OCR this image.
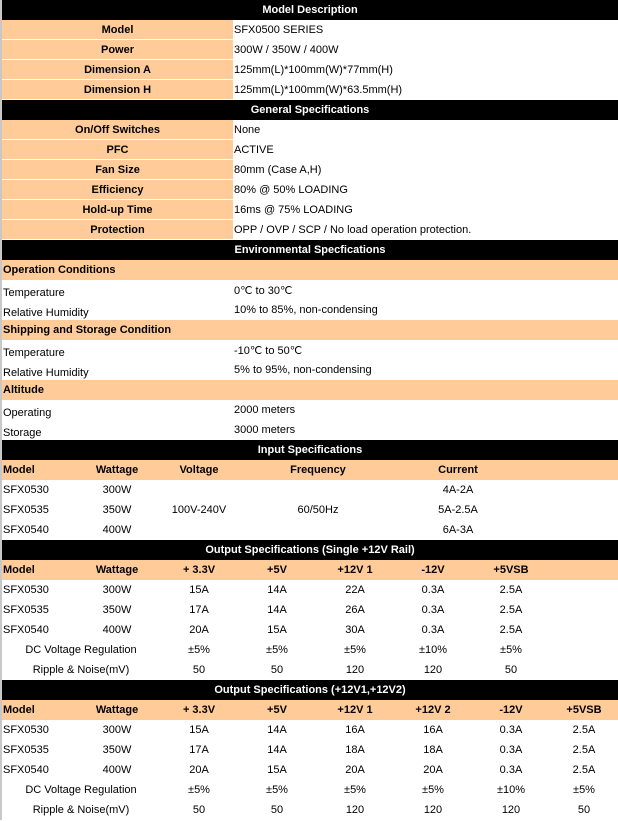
Model Description
Model	SFX0500 SERIES
Power	300W / 350W / 400W
Dimension A	125mm(L)*100mm(W)*77mm(H)
Dimension H	125mm(L)*100mm(W)*63.5mm(H)
General Specifications
On/Off Switches	None
PFC	ACTIVE
Fan Size	80mm (Case A,H)
Efficiency	80% @ 50% LOADING
Hold-up Time	16ms @ 75% LOADING
Protection	OPP / OVP / SCP / No load operation protection.
Environmental Specfications
Operation Conditions
Temperature	0℃ to 30℃
Relative Humidity	10% to 85%, non-condensing
Shipping and Storage Condition
Temperature	-10℃ to 50℃
Relative Humidity	5% to 95%, non-condensing
Altitude
Operating	2000 meters
Storage	3000 meters
Input Specifications
Model	Wattage	Voltage	Frequency	Current	
SFX0530	300W	100V-240V	60/50Hz	4A-2A	
SFX0535	350W			5A-2.5A	
SFX0540	400W			6A-3A	
Output Specifications (Single +12V Rail)
Model	Wattage	+ 3.3V	+5V	+12V 1	-12V	+5VSB	
SFX0530	300W	15A	14A	22A	0.3A	2.5A	
SFX0535	350W	17A	14A	26A	0.3A	2.5A	
SFX0540	400W	20A	15A	30A	0.3A	2.5A	
DC Voltage Regulation		±5%	±5%	±5%	±10%	±5%	
Ripple & Noise(mV)		50	50	120	120	50	
Output Specifications (+12V1,+12V2)
Model	Wattage	+ 3.3V	+5V	+12V 1	+12V 2	-12V	+5VSB
SFX0530	300W	15A	14A	16A	16A	0.3A	2.5A
SFX0535	350W	17A	14A	18A	18A	0.3A	2.5A
SFX0540	400W	20A	15A	20A	20A	0.3A	2.5A
DC Voltage Regulation		±5%	±5%	±5%	±5%	±10%	±5%
Ripple & Noise(mV)		50	50	120	120	120	50
